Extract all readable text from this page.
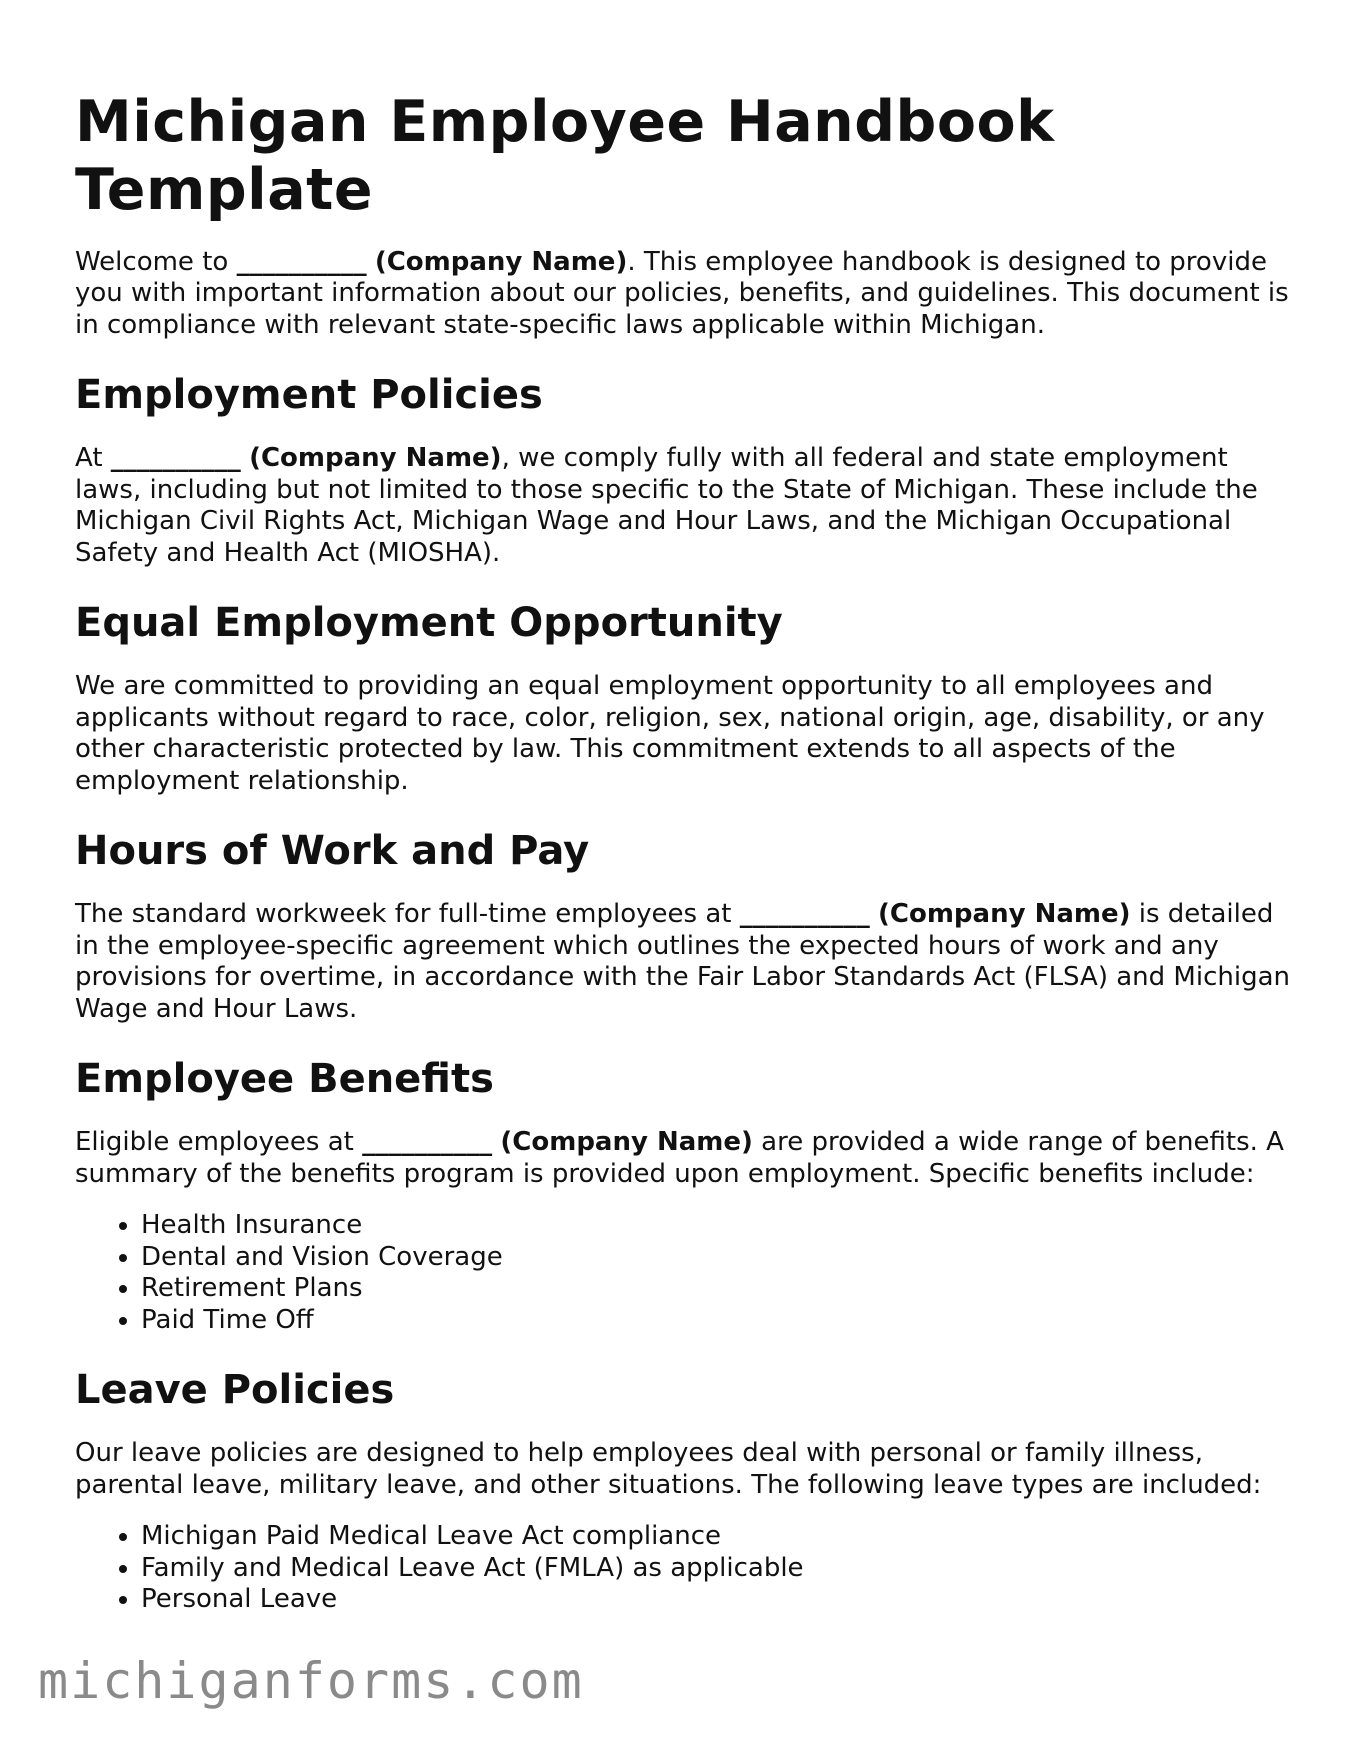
Michigan Employee Handbook Template

Welcome to __________ (Company Name). This employee handbook is designed to provide you with important information about our policies, benefits, and guidelines. This document is in compliance with relevant state-specific laws applicable within Michigan.

Employment Policies

At __________ (Company Name), we comply fully with all federal and state employment laws, including but not limited to those specific to the State of Michigan. These include the Michigan Civil Rights Act, Michigan Wage and Hour Laws, and the Michigan Occupational Safety and Health Act (MIOSHA).

Equal Employment Opportunity

We are committed to providing an equal employment opportunity to all employees and applicants without regard to race, color, religion, sex, national origin, age, disability, or any other characteristic protected by law. This commitment extends to all aspects of the employment relationship.

Hours of Work and Pay

The standard workweek for full-time employees at __________ (Company Name) is detailed in the employee-specific agreement which outlines the expected hours of work and any provisions for overtime, in accordance with the Fair Labor Standards Act (FLSA) and Michigan Wage and Hour Laws.

Employee Benefits

Eligible employees at __________ (Company Name) are provided a wide range of benefits. A summary of the benefits program is provided upon employment. Specific benefits include:

• Health Insurance
• Dental and Vision Coverage
• Retirement Plans
• Paid Time Off
Leave Policies

Our leave policies are designed to help employees deal with personal or family illness, parental leave, military leave, and other situations. The following leave types are included:

• Michigan Paid Medical Leave Act compliance
• Family and Medical Leave Act (FMLA) as applicable
• Personal Leave
michiganforms.com
